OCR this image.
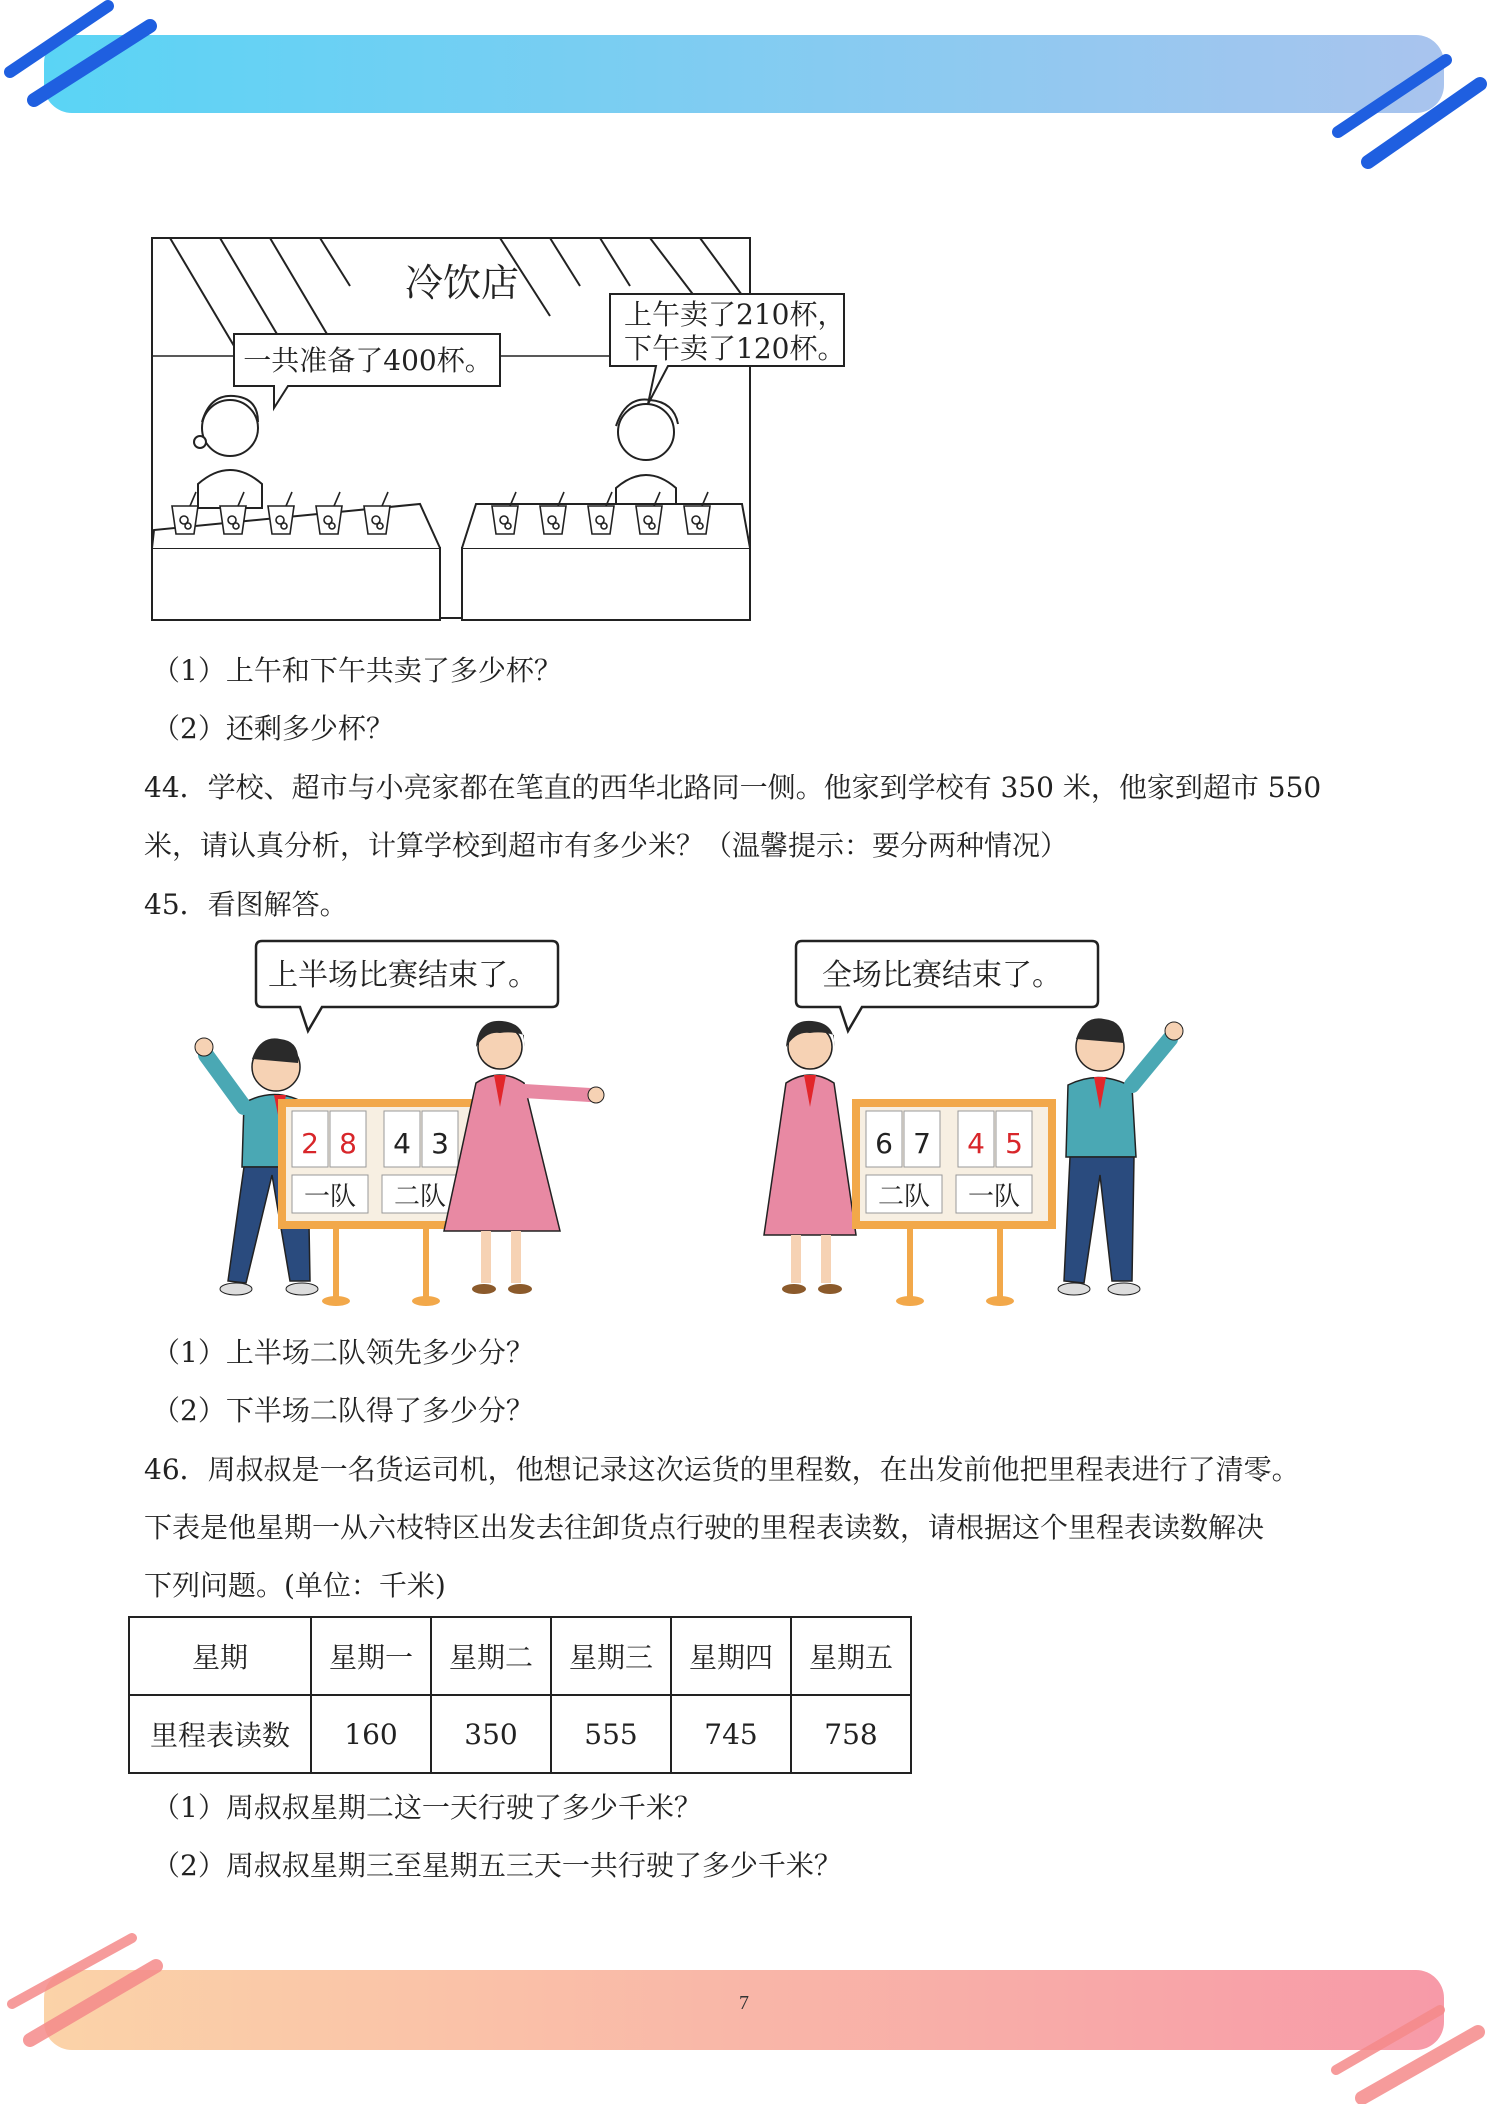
冷饮店
一共准备了400杯。
上午卖了210杯，
下午卖了120杯。
（1）上午和下午共卖了多少杯？
（2）还剩多少杯？
44．学校、超市与小亮家都在笔直的西华北路同一侧。他家到学校有 350 米，他家到超市 550
米，请认真分析，计算学校到超市有多少米？（温馨提示：要分两种情况）
45．看图解答。
上半场比赛结束了。	全场比赛结束了。
2 8 4 3
一队 二队
6 7 4 5
二队 一队
（1）上半场二队领先多少分？
（2）下半场二队得了多少分？
46．周叔叔是一名货运司机，他想记录这次运货的里程数，在出发前他把里程表进行了清零。
下表是他星期一从六枝特区出发去往卸货点行驶的里程表读数，请根据这个里程表读数解决
下列问题。(单位：千米)
星期	星期一	星期二	星期三	星期四	星期五
里程表读数	160	350	555	745	758
（1）周叔叔星期二这一天行驶了多少千米？
（2）周叔叔星期三至星期五三天一共行驶了多少千米？
7
